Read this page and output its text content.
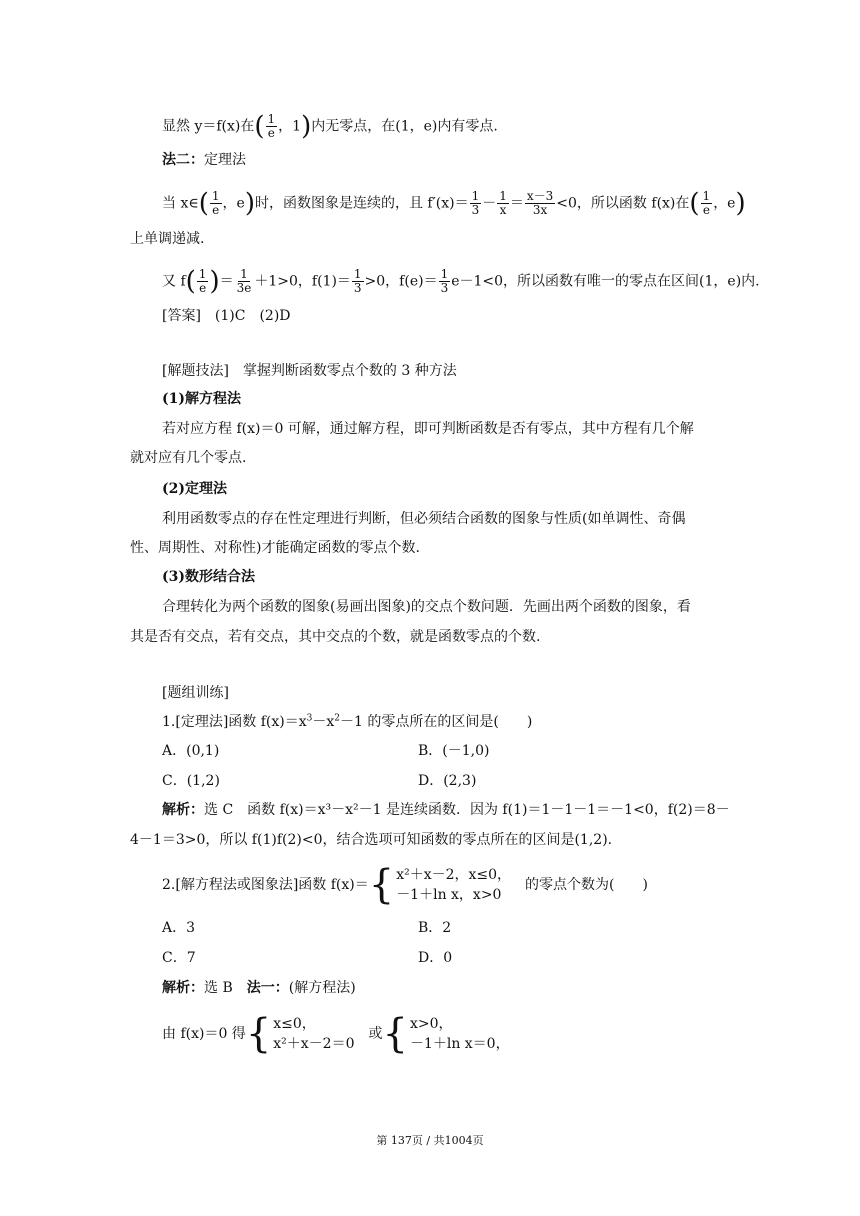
显然 y＝f(x)在( $\frac{1}{e}$ ，1)内无零点，在(1，e)内有零点.
法二：定理法
当 x∈( $\frac{1}{e}$ ，e)时，函数图象是连续的，且 $f'(x)= \frac{1}{3} - \frac{1}{x} = \frac{x-3}{3x} <0$，所以函数 f(x)在( $\frac{1}{e}$ ，e)
上单调递减.
又 $f( \frac{1}{e}$ )＝ $\frac{1}{3e} +1>0$，$f(1)= \frac{1}{3} >0$，$f(e)= \frac{1}{3} e-1<0$，所以函数有唯一的零点在区间(1，e)内.
[答案]　(1)C　(2)D
[解题技法]　 掌握判断函数零点个数的 3 种方法
(1)解方程法
若对应方程 f(x)＝0 可解，通过解方程，即可判断函数是否有零点，其中方程有几个解
就对应有几个零点.
(2)定理法
利用函数零点的存在性定理进行判断，但必须结合函数的图象与性质(如单调性、奇偶
性、周期性、对称性)才能确定函数的零点个数.
(3)数形结合法
合理转化为两个函数的图象(易画出图象)的交点个数问题．先画出两个函数的图象，看
其是否有交点，若有交点，其中交点的个数，就是函数零点的个数.
[题组训练]
1.[定理法]函数 $f(x)=x^3-x^2-1$ 的零点所在的区间是(　　)
A．(0,1)	B．(－1,0)
C．(1,2)	D．(2,3)
解析：选 C　函数 f(x)＝x³－x²－1 是连续函数．因为 f(1)＝1－1－1＝－1<0，f(2)＝8－
4－1＝3>0，所以 f(1)f(2)<0，结合选项可知函数的零点所在的区间是(1,2).
2.[解方程法或图象法]函数 f(x)＝ { x²＋x－2，x≤0，
－1＋ln x，x>0
　的零点个数为(　　)
A．3	B．2
C．7	D．0
解析：选 B　法一：(解方程法)
由 f(x)＝0 得 { x≤0，
x²＋x－2＝0
　或 { x>0，
－1＋ln x＝0，
第 137页 / 共1004页
